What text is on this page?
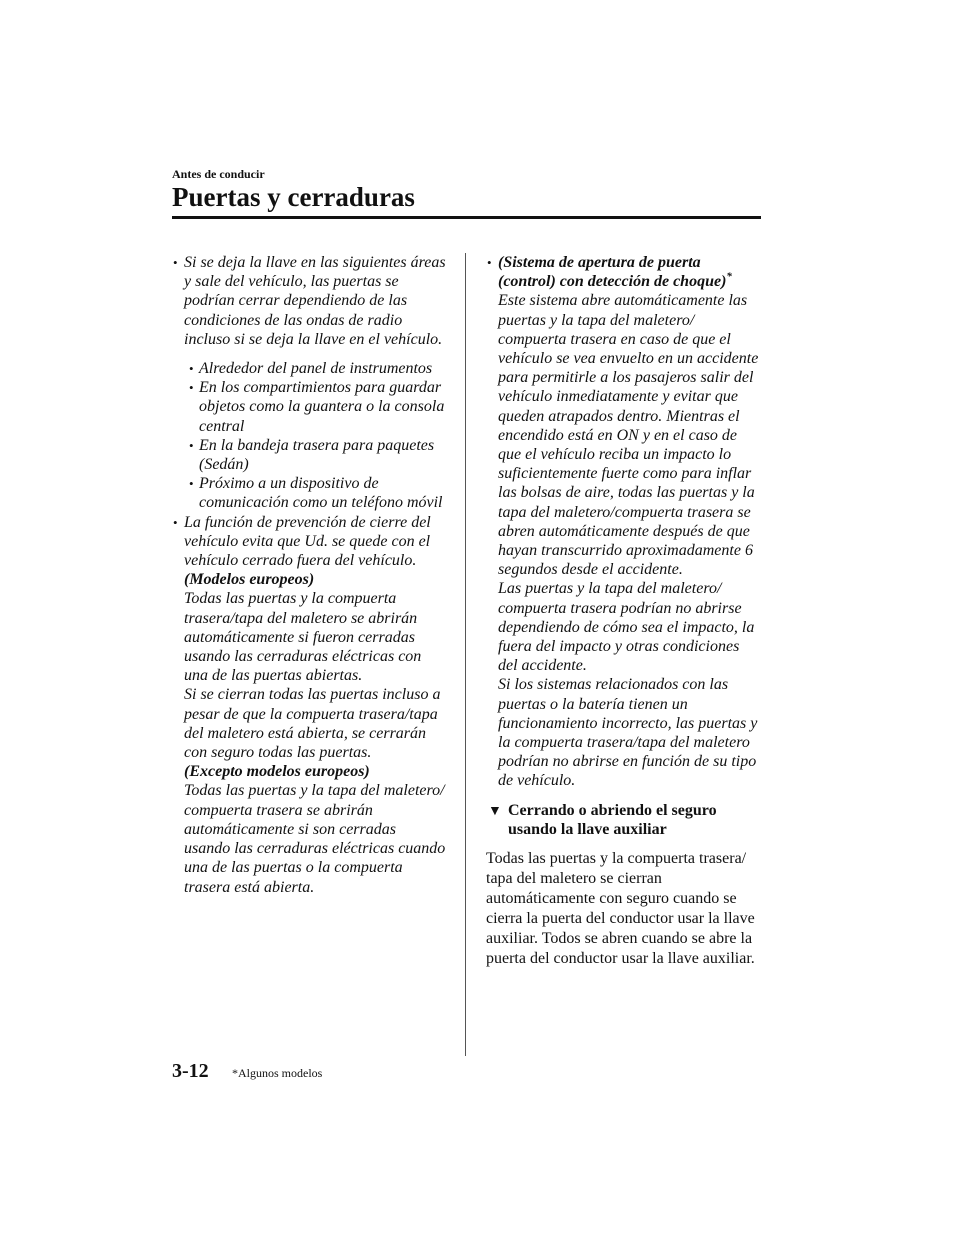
Antes de conducir
Puertas y cerraduras
• Si se deja la llave en las siguientes áreas
y sale del vehículo, las puertas se
podrían cerrar dependiendo de las
condiciones de las ondas de radio
incluso si se deja la llave en el vehículo.
• Alrededor del panel de instrumentos
• En los compartimientos para guardar
objetos como la guantera o la consola
central
• En la bandeja trasera para paquetes
(Sedán)
• Próximo a un dispositivo de
comunicación como un teléfono móvil
• La función de prevención de cierre del
vehículo evita que Ud. se quede con el
vehículo cerrado fuera del vehículo.
(Modelos europeos)
Todas las puertas y la compuerta
trasera/tapa del maletero se abrirán
automáticamente si fueron cerradas
usando las cerraduras eléctricas con
una de las puertas abiertas.
Si se cierran todas las puertas incluso a
pesar de que la compuerta trasera/tapa
del maletero está abierta, se cerrarán
con seguro todas las puertas.
(Excepto modelos europeos)
Todas las puertas y la tapa del maletero/
compuerta trasera se abrirán
automáticamente si son cerradas
usando las cerraduras eléctricas cuando
una de las puertas o la compuerta
trasera está abierta.
• (Sistema de apertura de puerta
(control) con detección de choque)*
Este sistema abre automáticamente las
puertas y la tapa del maletero/
compuerta trasera en caso de que el
vehículo se vea envuelto en un accidente
para permitirle a los pasajeros salir del
vehículo inmediatamente y evitar que
queden atrapados dentro. Mientras el
encendido está en ON y en el caso de
que el vehículo reciba un impacto lo
suficientemente fuerte como para inflar
las bolsas de aire, todas las puertas y la
tapa del maletero/compuerta trasera se
abren automáticamente después de que
hayan transcurrido aproximadamente 6
segundos desde el accidente.
Las puertas y la tapa del maletero/
compuerta trasera podrían no abrirse
dependiendo de cómo sea el impacto, la
fuera del impacto y otras condiciones
del accidente.
Si los sistemas relacionados con las
puertas o la batería tienen un
funcionamiento incorrecto, las puertas y
la compuerta trasera/tapa del maletero
podrían no abrirse en función de su tipo
de vehículo.
▼ Cerrando o abriendo el seguro
usando la llave auxiliar
Todas las puertas y la compuerta trasera/
tapa del maletero se cierran
automáticamente con seguro cuando se
cierra la puerta del conductor usar la llave
auxiliar. Todos se abren cuando se abre la
puerta del conductor usar la llave auxiliar.
3-12 *Algunos modelos
